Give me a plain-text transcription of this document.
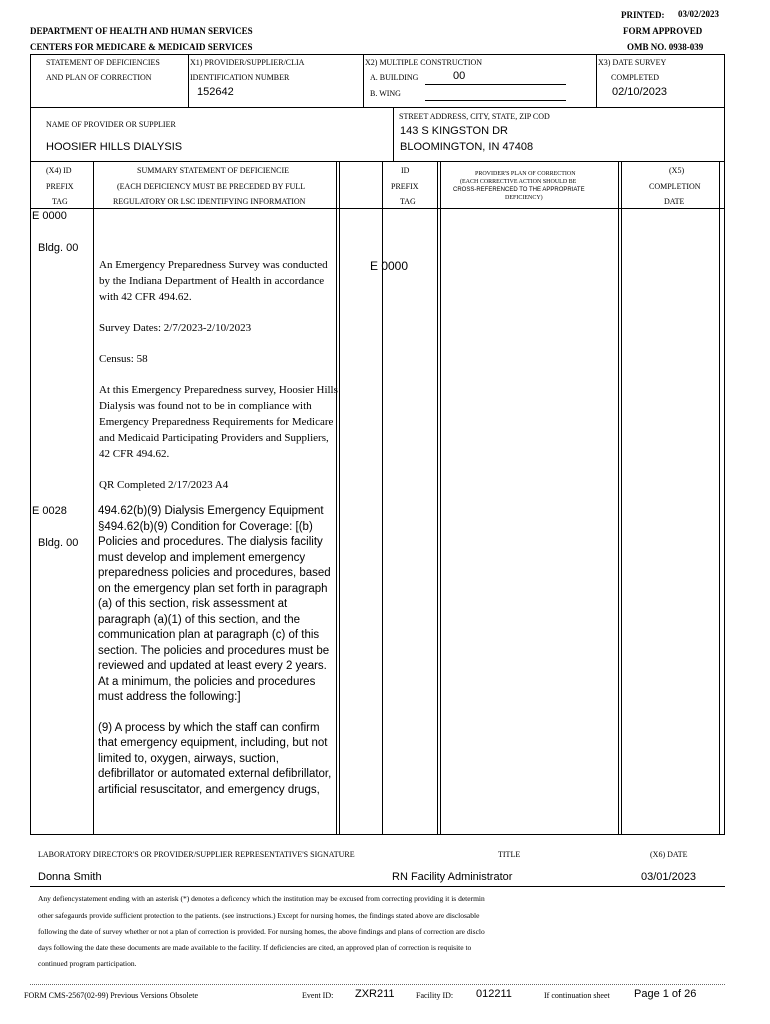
PRINTED: 03/02/2023
FORM APPROVED
OMB NO. 0938-039
DEPARTMENT OF HEALTH AND HUMAN SERVICES
CENTERS FOR MEDICARE & MEDICAID SERVICES
STATEMENT OF DEFICIENCIES
AND PLAN OF CORRECTION
X1) PROVIDER/SUPPLIER/CLIA
IDENTIFICATION NUMBER
152642
X2) MULTIPLE CONSTRUCTION
A. BUILDING	00
B. WING
X3) DATE SURVEY
COMPLETED
02/10/2023
NAME OF PROVIDER OR SUPPLIER
HOOSIER HILLS DIALYSIS
STREET ADDRESS, CITY, STATE, ZIP COD
143 S KINGSTON DR
BLOOMINGTON, IN 47408
(X4) ID
PREFIX
TAG
SUMMARY STATEMENT OF DEFICIENCIE
(EACH DEFICIENCY MUST BE PRECEDED BY FULL
REGULATORY OR LSC IDENTIFYING INFORMATION
ID
PREFIX
TAG
PROVIDER'S PLAN OF CORRECTION
(EACH CORRECTIVE ACTION SHOULD BE
CROSS-REFERENCED TO THE APPROPRIATE
DEFICIENCY)
(X5)
COMPLETION
DATE
E 0000
Bldg. 00
E 0000

An Emergency Preparedness Survey was conducted by the Indiana Department of Health in accordance with 42 CFR 494.62.

Survey Dates: 2/7/2023-2/10/2023

Census: 58

At this Emergency Preparedness survey, Hoosier Hills Dialysis was found not to be in compliance with Emergency Preparedness Requirements for Medicare and Medicaid Participating Providers and Suppliers, 42 CFR 494.62.

QR Completed 2/17/2023 A4

E 0028
Bldg. 00

494.62(b)(9) Dialysis Emergency Equipment §494.62(b)(9) Condition for Coverage: [(b) Policies and procedures. The dialysis facility must develop and implement emergency preparedness policies and procedures, based on the emergency plan set forth in paragraph (a) of this section, risk assessment at paragraph (a)(1) of this section, and the communication plan at paragraph (c) of this section. The policies and procedures must be reviewed and updated at least every 2 years. At a minimum, the policies and procedures must address the following:]

(9) A process by which the staff can confirm that emergency equipment, including, but not limited to, oxygen, airways, suction, defibrillator or automated external defibrillator, artificial resuscitator, and emergency drugs,

LABORATORY DIRECTOR'S OR PROVIDER/SUPPLIER REPRESENTATIVE'S SIGNATURE	TITLE	(X6) DATE
Donna Smith	RN Facility Administrator	03/01/2023
Any defiencystatement ending with an asterisk (*) denotes a deficency which the institution may be excused from correcting providing it is determin
other safegaurds provide sufficient protection to the patients. (see instructions.) Except for nursing homes, the findings stated above are disclosable
following the date of survey whether or not a plan of correction is provided. For nursing homes, the above findings and plans of correction are disclo
days following the date these documents are made available to the facility. If deficiencies are cited, an approved plan of correction is requisite to
continued program participation.
FORM CMS-2567(02-99) Previous Versions Obsolete	Event ID: ZXR211	Facility ID: 012211	If continuation sheet Page 1 of 26
